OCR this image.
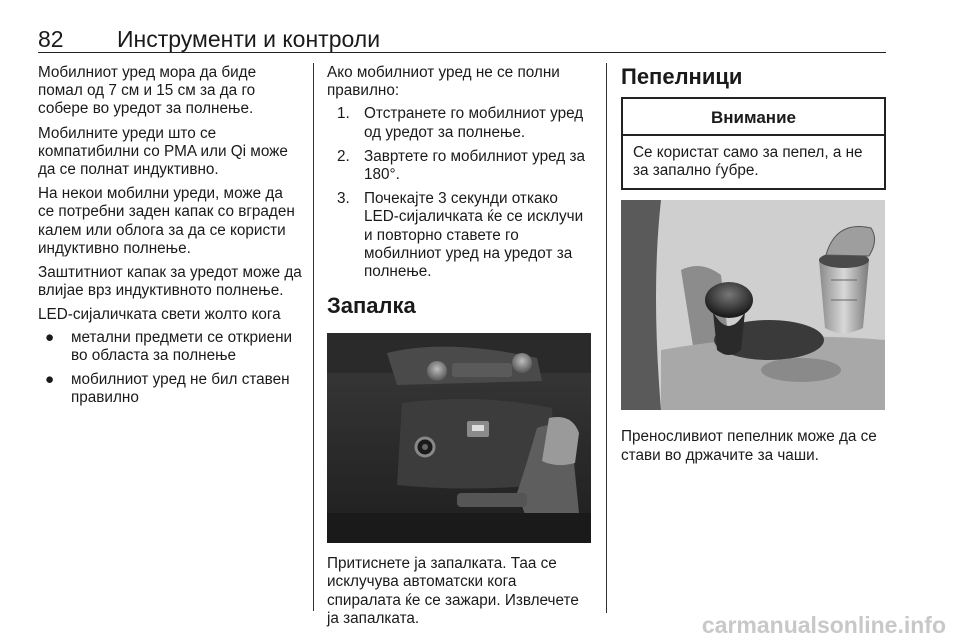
82 Инструменти и контроли

Мобилниот уред мора да биде помал од 7 см и 15 см за да го собере во уредот за полнење.

Мобилните уреди што се компатибилни со PMA или Qi може да се полнат индуктивно.

На некои мобилни уреди, може да се потребни заден капак со вграден калем или облога за да се користи индуктивно полнење.

Заштитниот капак за уредот може да влијае врз индуктивното полнење.

LED-сијаличката свети жолто кога

● метални предмети се откриени во областа за полнење
● мобилниот уред не бил ставен правилно

Ако мобилниот уред не се полни правилно:

1. Отстранете го мобилниот уред од уредот за полнење.
2. Завртете го мобилниот уред за 180°.
3. Почекајте 3 секунди откако LED-сијаличката ќе се исклучи и повторно ставете го мобилниот уред на уредот за полнење.
Запалка

Притиснете ја запалката. Таа се исклучува автоматски кога спиралата ќе се зажари. Извлечете ја запалката.

Пепелници
Внимание
Се користат само за пепел, а не за запално ѓубре.

Преносливиот пепелник може да се стави во држачите за чаши.

carmanualsonline.info
